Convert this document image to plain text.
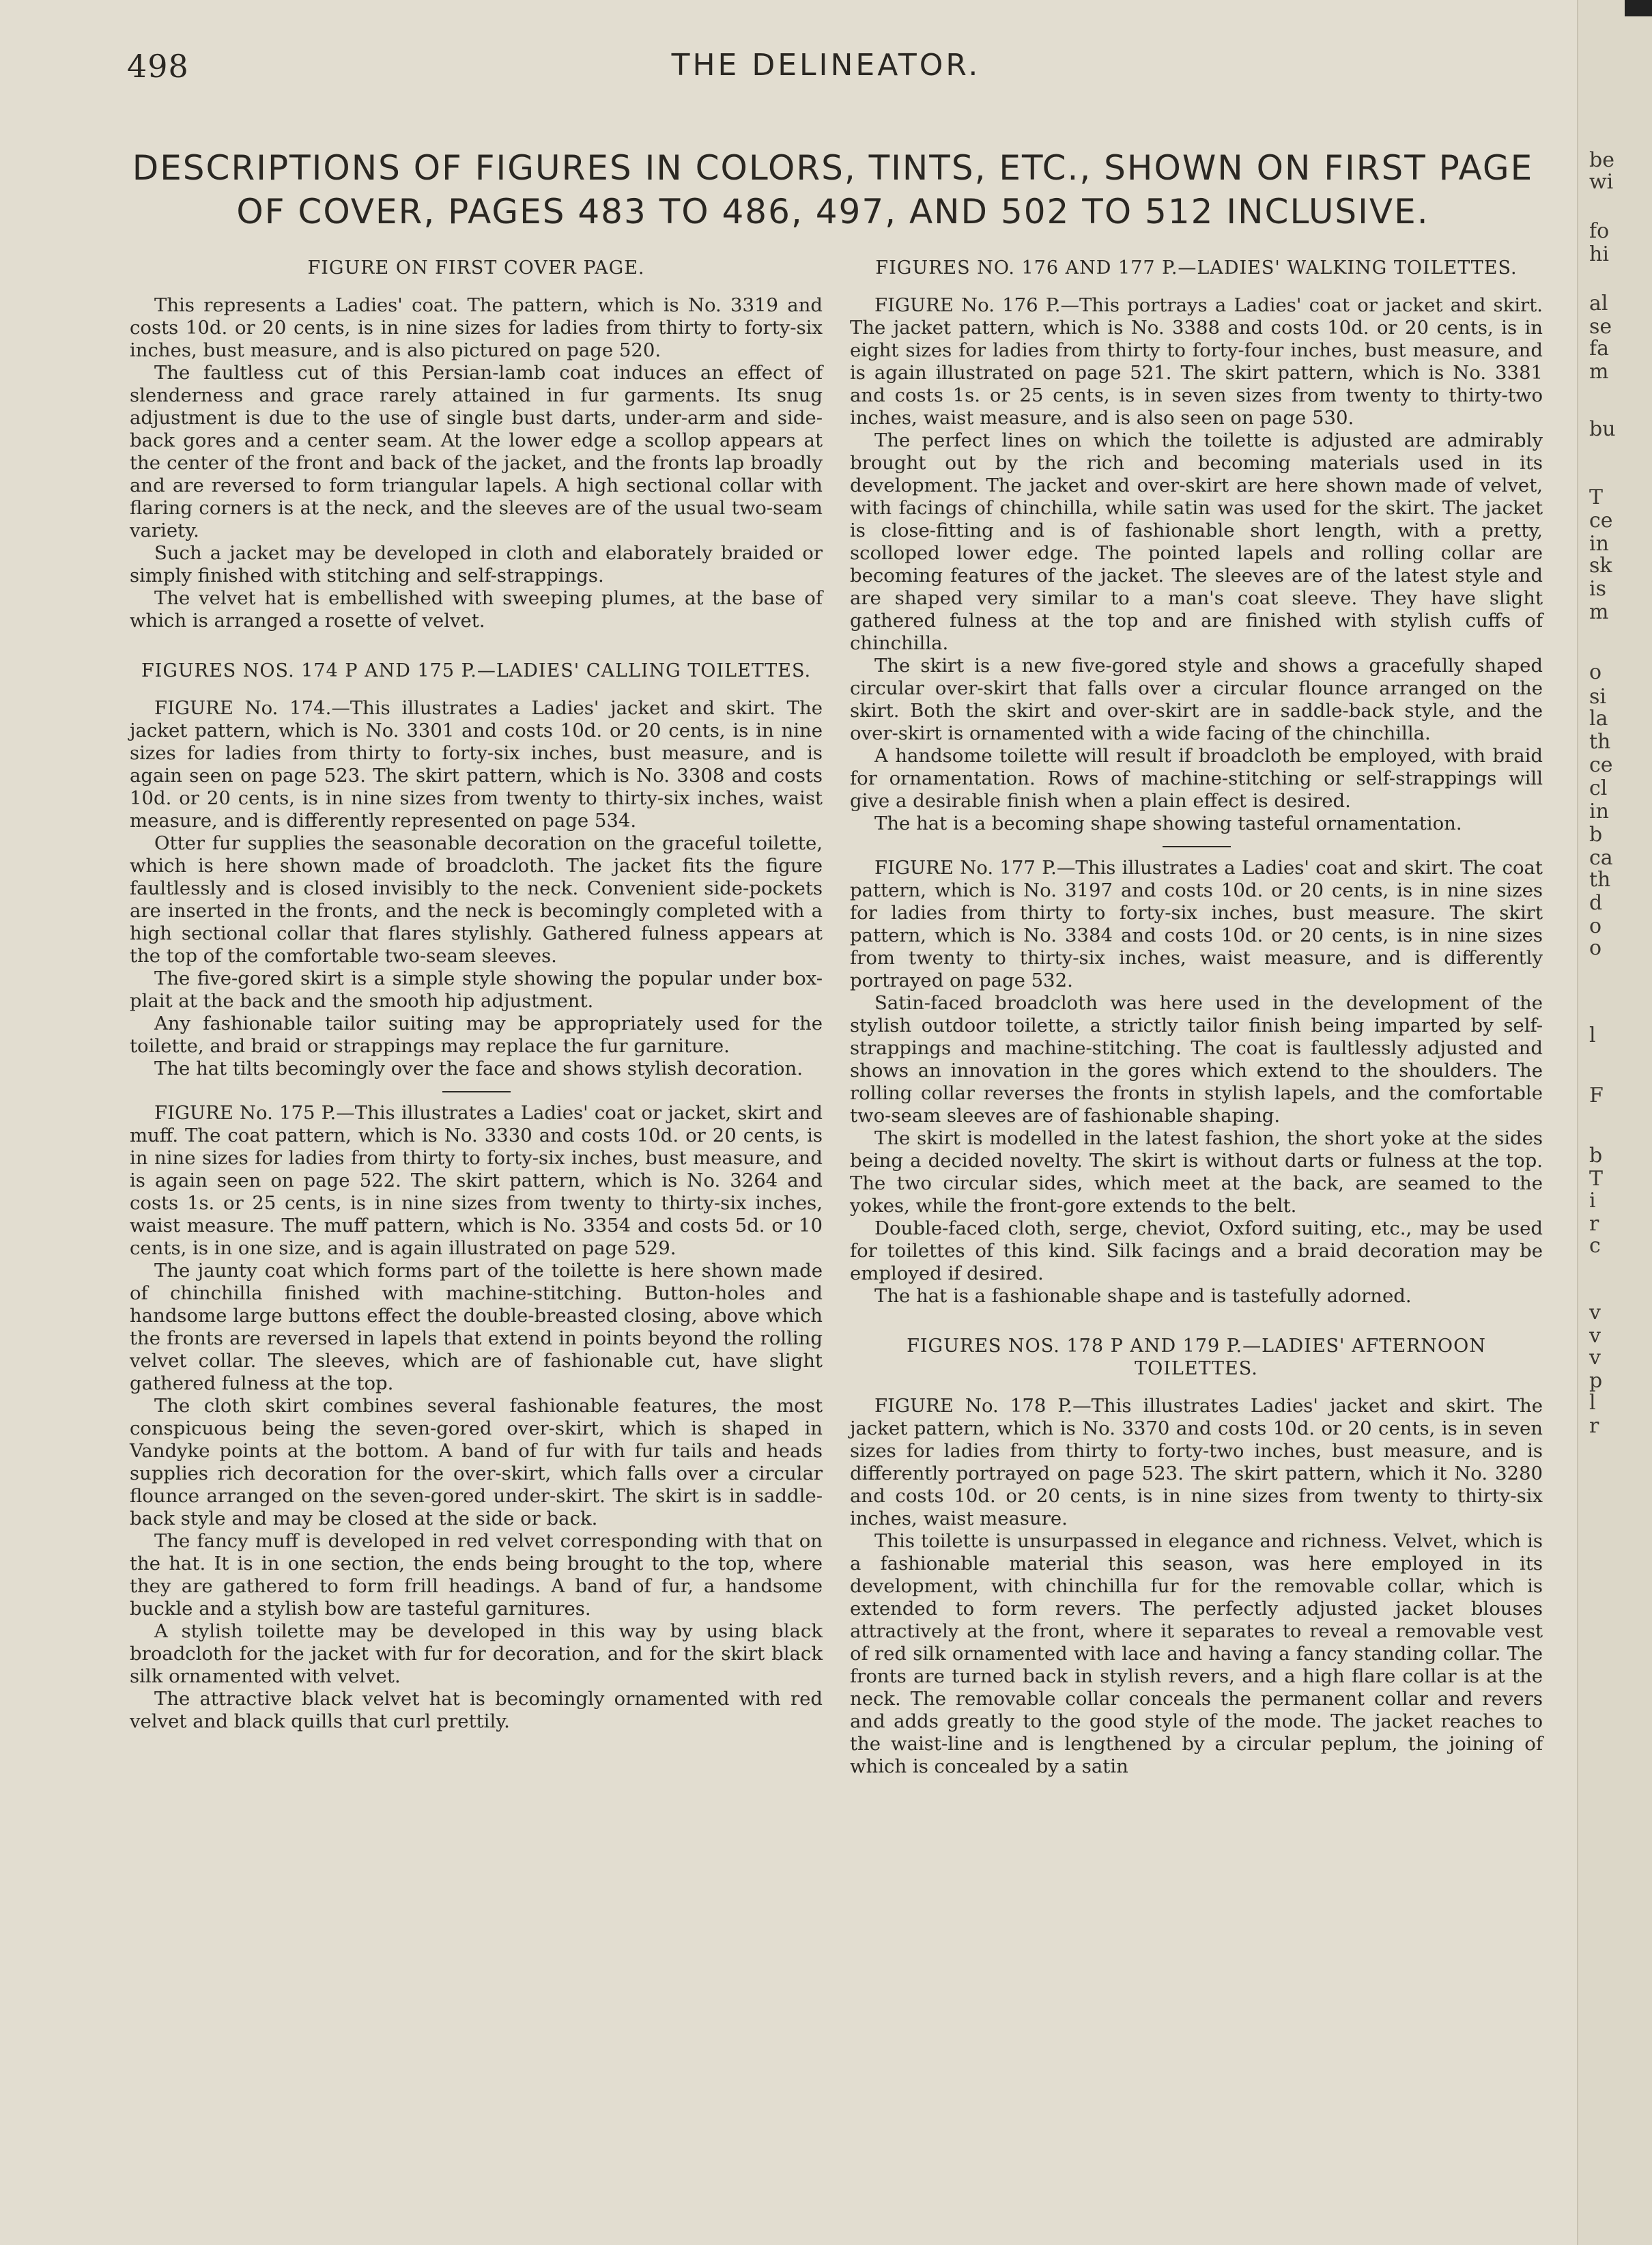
498	THE DELINEATOR.
DESCRIPTIONS OF FIGURES IN COLORS, TINTS, ETC., SHOWN ON FIRST PAGE OF COVER, PAGES 483 TO 486, 497, AND 502 TO 512 INCLUSIVE.
FIGURE ON FIRST COVER PAGE.

This represents a Ladies' coat. The pattern, which is No. 3319 and costs 10d. or 20 cents, is in nine sizes for ladies from thirty to forty-six inches, bust measure, and is also pictured on page 520.

The faultless cut of this Persian-lamb coat induces an effect of slenderness and grace rarely attained in fur garments. Its snug adjustment is due to the use of single bust darts, under-arm and side-back gores and a center seam. At the lower edge a scollop appears at the center of the front and back of the jacket, and the fronts lap broadly and are reversed to form triangular lapels. A high sectional collar with flaring corners is at the neck, and the sleeves are of the usual two-seam variety.

Such a jacket may be developed in cloth and elaborately braided or simply finished with stitching and self-strappings.

The velvet hat is embellished with sweeping plumes, at the base of which is arranged a rosette of velvet.

FIGURES NOS. 174 P AND 175 P.—LADIES' CALLING TOILETTES.

FIGURE No. 174.—This illustrates a Ladies' jacket and skirt. The jacket pattern, which is No. 3301 and costs 10d. or 20 cents, is in nine sizes for ladies from thirty to forty-six inches, bust measure, and is again seen on page 523. The skirt pattern, which is No. 3308 and costs 10d. or 20 cents, is in nine sizes from twenty to thirty-six inches, waist measure, and is differently represented on page 534.

Otter fur supplies the seasonable decoration on the graceful toilette, which is here shown made of broadcloth. The jacket fits the figure faultlessly and is closed invisibly to the neck. Convenient side-pockets are inserted in the fronts, and the neck is becomingly completed with a high sectional collar that flares stylishly. Gathered fulness appears at the top of the comfortable two-seam sleeves.

The five-gored skirt is a simple style showing the popular under box-plait at the back and the smooth hip adjustment.

Any fashionable tailor suiting may be appropriately used for the toilette, and braid or strappings may replace the fur garniture.

The hat tilts becomingly over the face and shows stylish decoration.

FIGURE No. 175 P.—This illustrates a Ladies' coat or jacket, skirt and muff. The coat pattern, which is No. 3330 and costs 10d. or 20 cents, is in nine sizes for ladies from thirty to forty-six inches, bust measure, and is again seen on page 522. The skirt pattern, which is No. 3264 and costs 1s. or 25 cents, is in nine sizes from twenty to thirty-six inches, waist measure. The muff pattern, which is No. 3354 and costs 5d. or 10 cents, is in one size, and is again illustrated on page 529.

The jaunty coat which forms part of the toilette is here shown made of chinchilla finished with machine-stitching. Button-holes and handsome large buttons effect the double-breasted closing, above which the fronts are reversed in lapels that extend in points beyond the rolling velvet collar. The sleeves, which are of fashionable cut, have slight gathered fulness at the top.

The cloth skirt combines several fashionable features, the most conspicuous being the seven-gored over-skirt, which is shaped in Vandyke points at the bottom. A band of fur with fur tails and heads supplies rich decoration for the over-skirt, which falls over a circular flounce arranged on the seven-gored under-skirt. The skirt is in saddle-back style and may be closed at the side or back.

The fancy muff is developed in red velvet corresponding with that on the hat. It is in one section, the ends being brought to the top, where they are gathered to form frill headings. A band of fur, a handsome buckle and a stylish bow are tasteful garnitures.

A stylish toilette may be developed in this way by using black broadcloth for the jacket with fur for decoration, and for the skirt black silk ornamented with velvet.

The attractive black velvet hat is becomingly ornamented with red velvet and black quills that curl prettily.

FIGURES NO. 176 AND 177 P.—LADIES' WALKING TOILETTES.

FIGURE No. 176 P.—This portrays a Ladies' coat or jacket and skirt. The jacket pattern, which is No. 3388 and costs 10d. or 20 cents, is in eight sizes for ladies from thirty to forty-four inches, bust measure, and is again illustrated on page 521. The skirt pattern, which is No. 3381 and costs 1s. or 25 cents, is in seven sizes from twenty to thirty-two inches, waist measure, and is also seen on page 530.

The perfect lines on which the toilette is adjusted are admirably brought out by the rich and becoming materials used in its development. The jacket and over-skirt are here shown made of velvet, with facings of chinchilla, while satin was used for the skirt. The jacket is close-fitting and is of fashionable short length, with a pretty, scolloped lower edge. The pointed lapels and rolling collar are becoming features of the jacket. The sleeves are of the latest style and are shaped very similar to a man's coat sleeve. They have slight gathered fulness at the top and are finished with stylish cuffs of chinchilla.

The skirt is a new five-gored style and shows a gracefully shaped circular over-skirt that falls over a circular flounce arranged on the skirt. Both the skirt and over-skirt are in saddle-back style, and the over-skirt is ornamented with a wide facing of the chinchilla.

A handsome toilette will result if broadcloth be employed, with braid for ornamentation. Rows of machine-stitching or self-strappings will give a desirable finish when a plain effect is desired.

The hat is a becoming shape showing tasteful ornamentation.

FIGURE No. 177 P.—This illustrates a Ladies' coat and skirt. The coat pattern, which is No. 3197 and costs 10d. or 20 cents, is in nine sizes for ladies from thirty to forty-six inches, bust measure. The skirt pattern, which is No. 3384 and costs 10d. or 20 cents, is in nine sizes from twenty to thirty-six inches, waist measure, and is differently portrayed on page 532.

Satin-faced broadcloth was here used in the development of the stylish outdoor toilette, a strictly tailor finish being imparted by self-strappings and machine-stitching. The coat is faultlessly adjusted and shows an innovation in the gores which extend to the shoulders. The rolling collar reverses the fronts in stylish lapels, and the comfortable two-seam sleeves are of fashionable shaping.

The skirt is modelled in the latest fashion, the short yoke at the sides being a decided novelty. The skirt is without darts or fulness at the top. The two circular sides, which meet at the back, are seamed to the yokes, while the front-gore extends to the belt.

Double-faced cloth, serge, cheviot, Oxford suiting, etc., may be used for toilettes of this kind. Silk facings and a braid decoration may be employed if desired.

The hat is a fashionable shape and is tastefully adorned.

FIGURES NOS. 178 P AND 179 P.—LADIES' AFTERNOON TOILETTES.

FIGURE No. 178 P.—This illustrates Ladies' jacket and skirt. The jacket pattern, which is No. 3370 and costs 10d. or 20 cents, is in seven sizes for ladies from thirty to forty-two inches, bust measure, and is differently portrayed on page 523. The skirt pattern, which it No. 3280 and costs 10d. or 20 cents, is in nine sizes from twenty to thirty-six inches, waist measure.

This toilette is unsurpassed in elegance and richness. Velvet, which is a fashionable material this season, was here employed in its development, with chinchilla fur for the removable collar, which is extended to form revers. The perfectly adjusted jacket blouses attractively at the front, where it separates to reveal a removable vest of red silk ornamented with lace and having a fancy standing collar. The fronts are turned back in stylish revers, and a high flare collar is at the neck. The removable collar conceals the permanent collar and revers and adds greatly to the good style of the mode. The jacket reaches to the waist-line and is lengthened by a circular peplum, the joining of which is concealed by a satin

be
wi
fo
hi
al
se
fa
m
bu
T
ce
in
sk
is
m
o
si
la
th
ce
cl
in
b
ca
th
d
o
o
l
F
b
T
i
r
c
v
v
v
p
l
r
